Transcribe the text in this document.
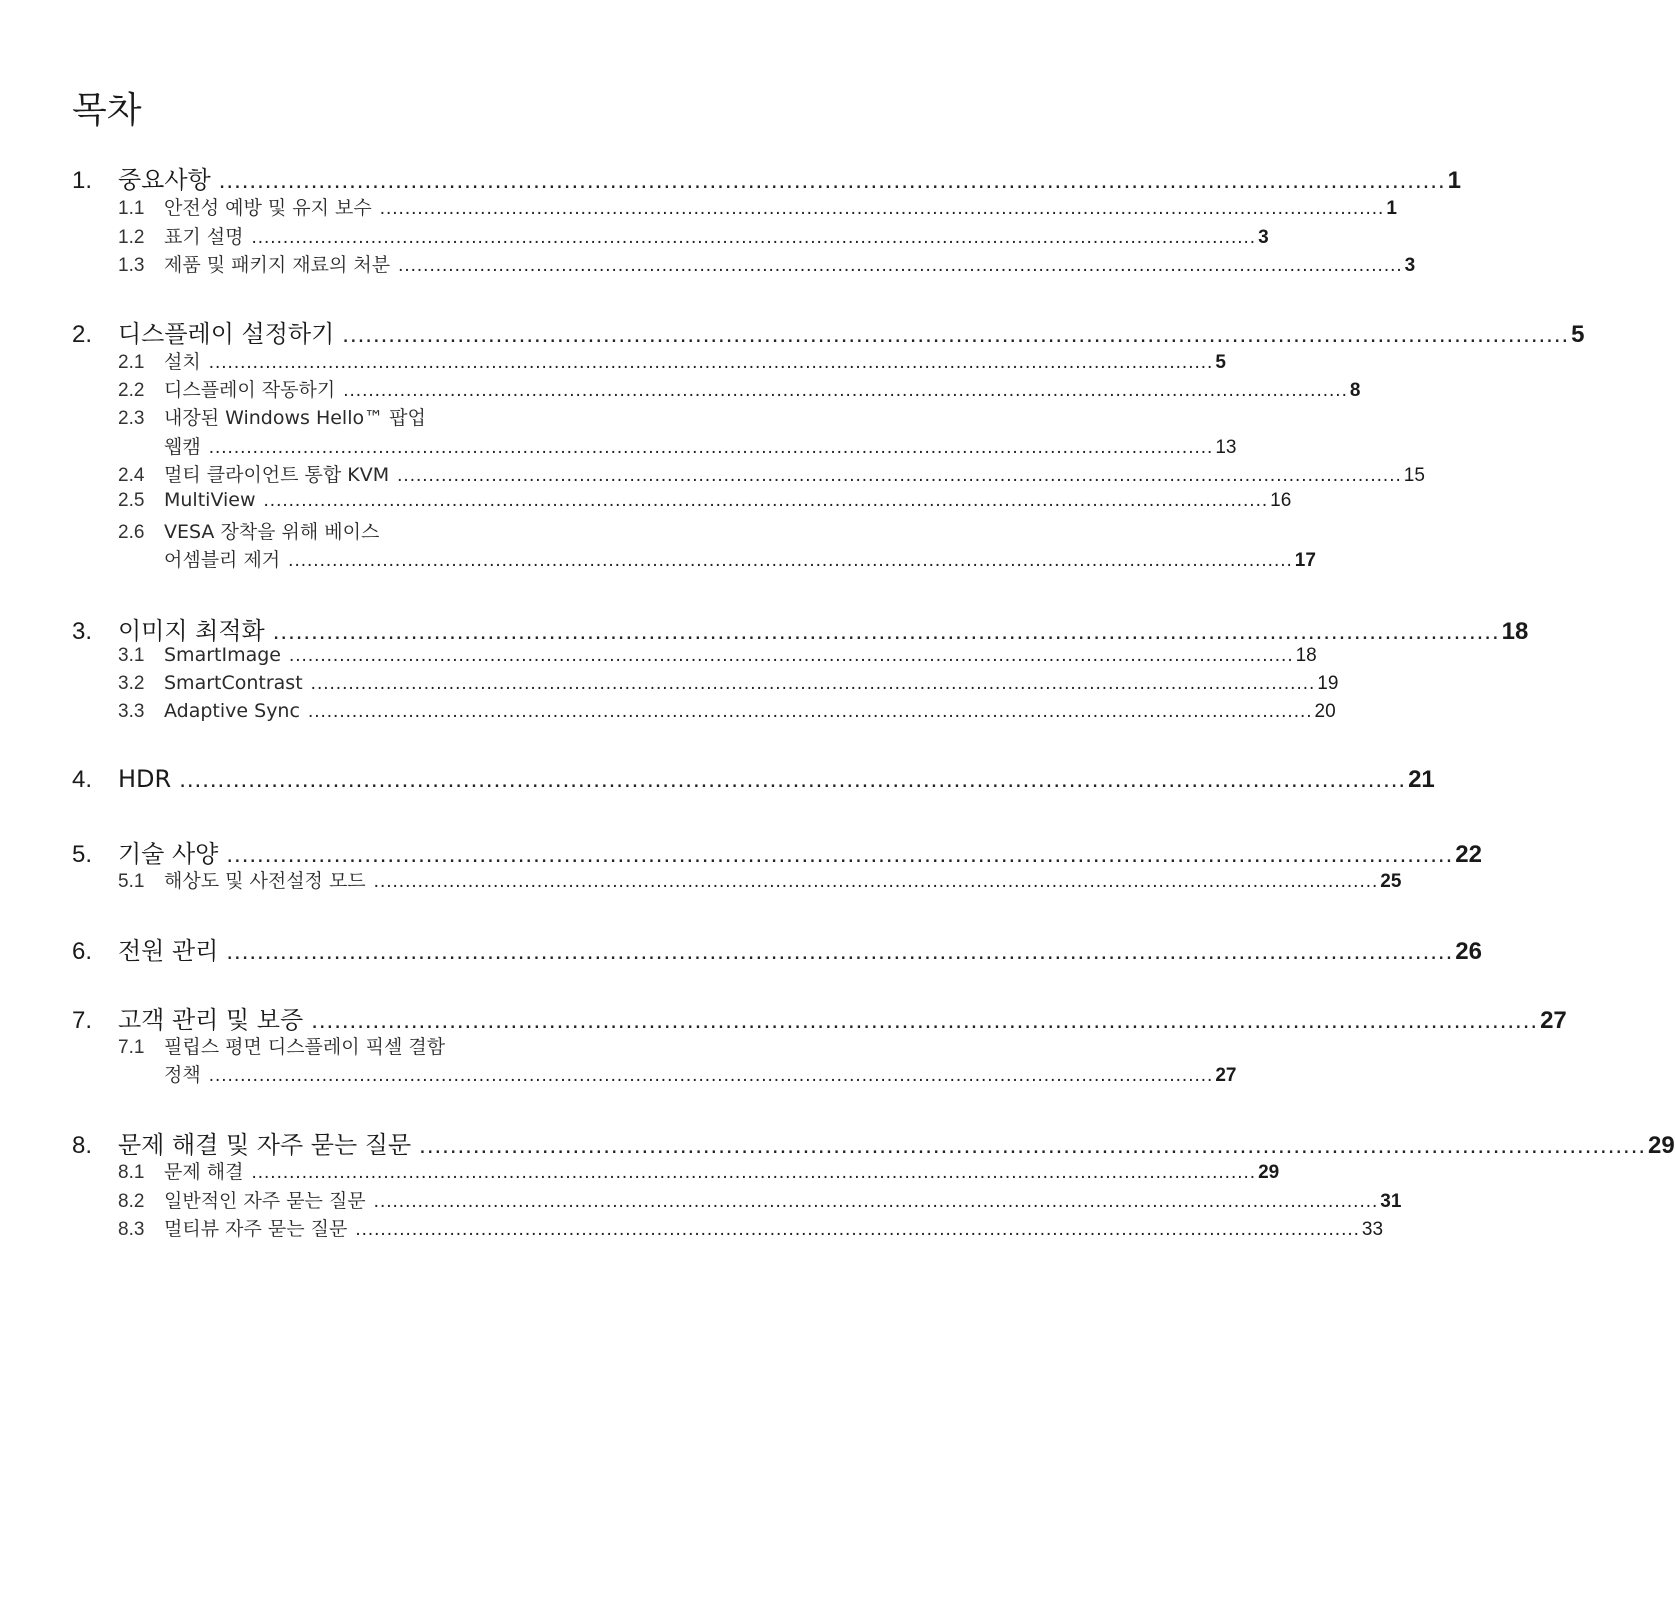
목차
1.	중요사항 .....	1
1.1	안전성 예방 및 유지 보수 .....	1
1.2	표기 설명 .....	3
1.3	제품 및 패키지 재료의 처분 .....	3
2.	디스플레이 설정하기 .....	5
2.1	설치 .....	5
2.2	디스플레이 작동하기 .....	8
2.3	내장된 Windows Hello™ 팝업
웹캠 .....	13
2.4	멀티 클라이언트 통합 KVM .....	15
2.5	MultiView .....	16
2.6	VESA 장착을 위해 베이스
어셈블리 제거 .....	17
3.	이미지 최적화 .....	18
3.1	SmartImage .....	18
3.2	SmartContrast .....	19
3.3	Adaptive Sync .....	20
4.	HDR .....	21
5.	기술 사양 .....	22
5.1	해상도 및 사전설정 모드 .....	25
6.	전원 관리 .....	26
7.	고객 관리 및 보증 .....	27
7.1	필립스 평면 디스플레이 픽셀 결함
정책 .....	27
8.	문제 해결 및 자주 묻는 질문 .....	29
8.1	문제 해결 .....	29
8.2	일반적인 자주 묻는 질문 .....	31
8.3	멀티뷰 자주 묻는 질문 .....	33
